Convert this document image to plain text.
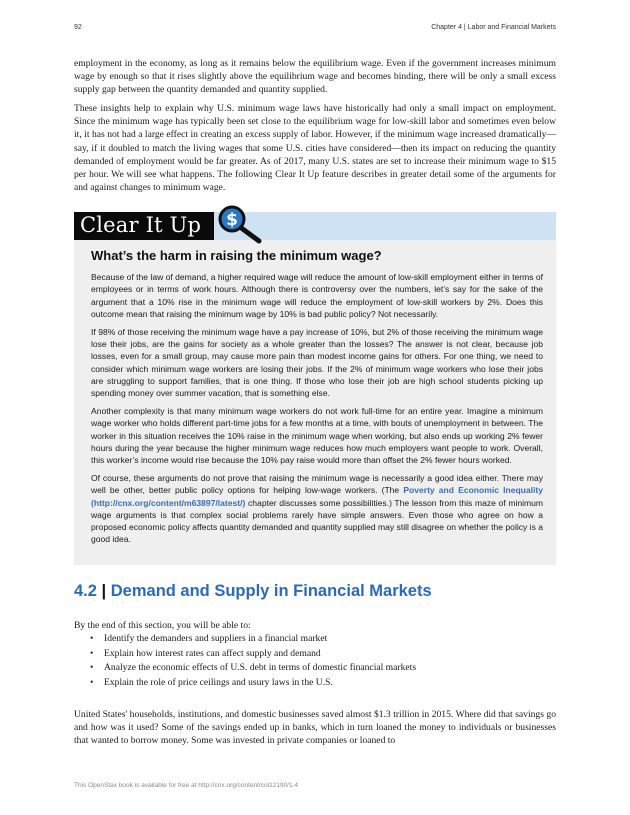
92	Chapter 4 | Labor and Financial Markets

employment in the economy, as long as it remains below the equilibrium wage. Even if the government increases minimum wage by enough so that it rises slightly above the equilibrium wage and becomes binding, there will be only a small excess supply gap between the quantity demanded and quantity supplied.

These insights help to explain why U.S. minimum wage laws have historically had only a small impact on employment. Since the minimum wage has typically been set close to the equilibrium wage for low-skill labor and sometimes even below it, it has not had a large effect in creating an excess supply of labor. However, if the minimum wage increased dramatically—say, if it doubled to match the living wages that some U.S. cities have considered—then its impact on reducing the quantity demanded of employment would be far greater. As of 2017, many U.S. states are set to increase their minimum wage to $15 per hour. We will see what happens. The following Clear It Up feature describes in greater detail some of the arguments for and against changes to minimum wage.

Clear It Up $
What’s the harm in raising the minimum wage?

Because of the law of demand, a higher required wage will reduce the amount of low-skill employment either in terms of employees or in terms of work hours. Although there is controversy over the numbers, let’s say for the sake of the argument that a 10% rise in the minimum wage will reduce the employment of low-skill workers by 2%. Does this outcome mean that raising the minimum wage by 10% is bad public policy? Not necessarily.

If 98% of those receiving the minimum wage have a pay increase of 10%, but 2% of those receiving the minimum wage lose their jobs, are the gains for society as a whole greater than the losses? The answer is not clear, because job losses, even for a small group, may cause more pain than modest income gains for others. For one thing, we need to consider which minimum wage workers are losing their jobs. If the 2% of minimum wage workers who lose their jobs are struggling to support families, that is one thing. If those who lose their job are high school students picking up spending money over summer vacation, that is something else.

Another complexity is that many minimum wage workers do not work full-time for an entire year. Imagine a minimum wage worker who holds different part-time jobs for a few months at a time, with bouts of unemployment in between. The worker in this situation receives the 10% raise in the minimum wage when working, but also ends up working 2% fewer hours during the year because the higher minimum wage reduces how much employers want people to work. Overall, this worker’s income would rise because the 10% pay raise would more than offset the 2% fewer hours worked.

Of course, these arguments do not prove that raising the minimum wage is necessarily a good idea either. There may well be other, better public policy options for helping low-wage workers. (The Poverty and Economic Inequality (http://cnx.org/content/m63897/latest/) chapter discusses some possibilities.) The lesson from this maze of minimum wage arguments is that complex social problems rarely have simple answers. Even those who agree on how a proposed economic policy affects quantity demanded and quantity supplied may still disagree on whether the policy is a good idea.

4.2 | Demand and Supply in Financial Markets

By the end of this section, you will be able to:

• Identify the demanders and suppliers in a financial market
• Explain how interest rates can affect supply and demand
• Analyze the economic effects of U.S. debt in terms of domestic financial markets
• Explain the role of price ceilings and usury laws in the U.S.

United States' households, institutions, and domestic businesses saved almost $1.3 trillion in 2015. Where did that savings go and how was it used? Some of the savings ended up in banks, which in turn loaned the money to individuals or businesses that wanted to borrow money. Some was invested in private companies or loaned to

This OpenStax book is available for free at http://cnx.org/content/col12190/1.4
